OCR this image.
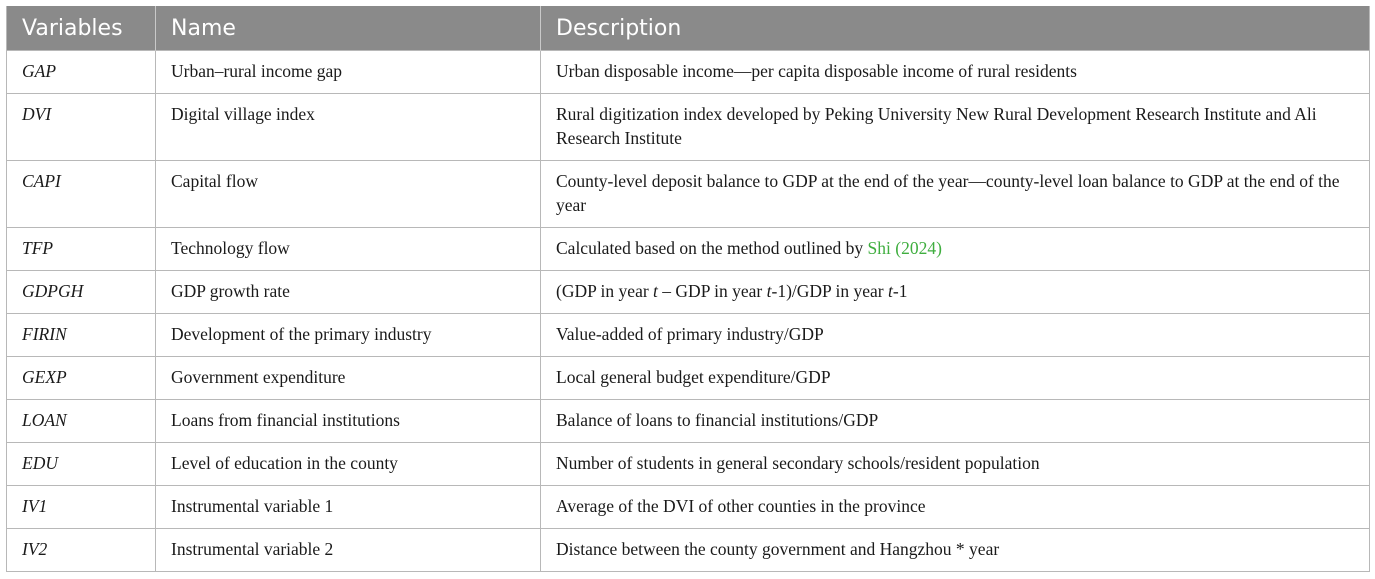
Variables	Name	Description
GAP	Urban–rural income gap	Urban disposable income—per capita disposable income of rural residents
DVI	Digital village index	Rural digitization index developed by Peking University New Rural Development Research Institute and Ali Research Institute
CAPI	Capital flow	County-level deposit balance to GDP at the end of the year—county-level loan balance to GDP at the end of the year
TFP	Technology flow	Calculated based on the method outlined by Shi (2024)
GDPGH	GDP growth rate	(GDP in year t – GDP in year t-1)/GDP in year t-1
FIRIN	Development of the primary industry	Value-added of primary industry/GDP
GEXP	Government expenditure	Local general budget expenditure/GDP
LOAN	Loans from financial institutions	Balance of loans to financial institutions/GDP
EDU	Level of education in the county	Number of students in general secondary schools/resident population
IV1	Instrumental variable 1	Average of the DVI of other counties in the province
IV2	Instrumental variable 2	Distance between the county government and Hangzhou * year
